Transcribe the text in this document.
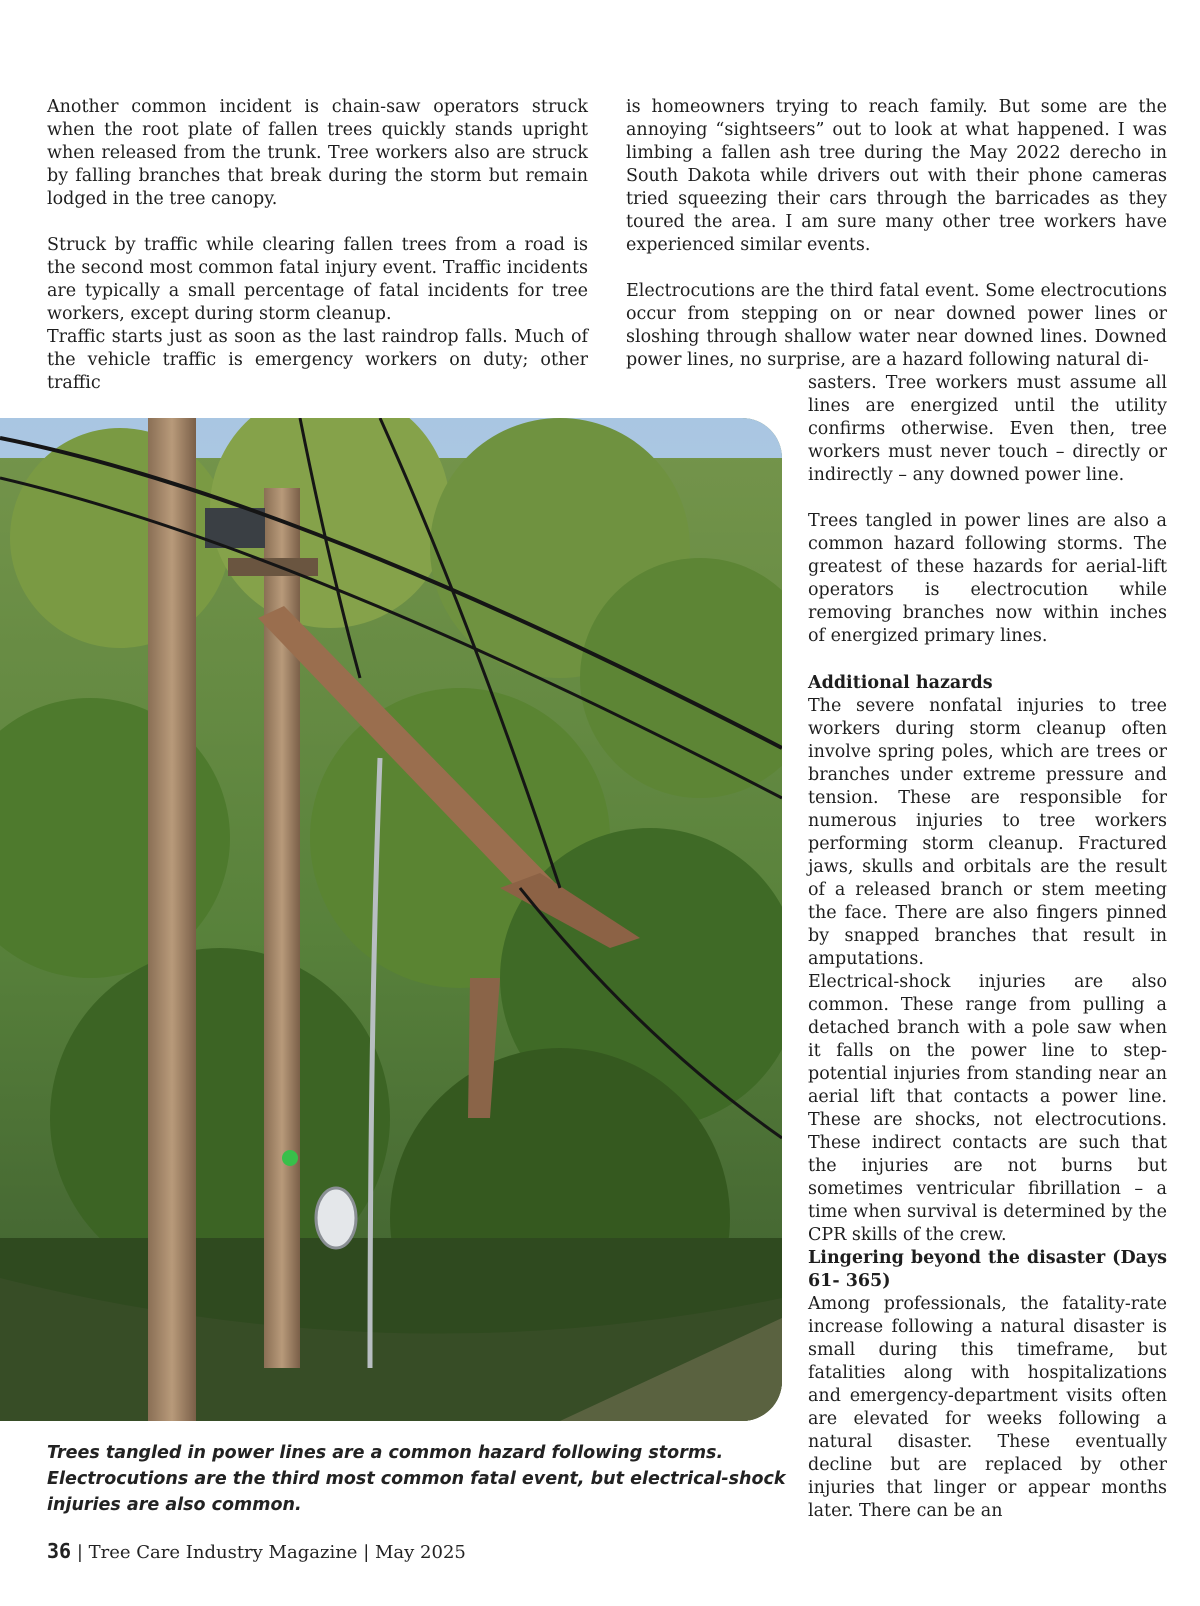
Another common incident is chain-saw operators struck when the root plate of fallen trees quickly stands upright when released from the trunk. Tree workers also are struck by falling branches that break during the storm but remain lodged in the tree canopy.

Struck by traffic while clearing fallen trees from a road is the second most common fatal injury event. Traffic incidents are typically a small percentage of fatal incidents for tree workers, except during storm cleanup.

Traffic starts just as soon as the last raindrop falls. Much of the vehicle traffic is emergency workers on duty; other traffic

is homeowners trying to reach family. But some are the annoying “sightseers” out to look at what happened. I was limbing a fallen ash tree during the May 2022 derecho in South Dakota while drivers out with their phone cameras tried squeezing their cars through the barricades as they toured the area. I am sure many other tree workers have experienced similar events.

Electrocutions are the third fatal event. Some electrocutions occur from stepping on or near downed power lines or sloshing through shallow water near downed lines. Downed power lines, no surprise, are a hazard following natural di-

sasters. Tree workers must assume all lines are energized until the utility confirms otherwise. Even then, tree workers must never touch – directly or indirectly – any downed power line.

Trees tangled in power lines are also a common hazard following storms. The greatest of these hazards for aerial-lift operators is electrocution while removing branches now within inches of energized primary lines.

Additional hazards

The severe nonfatal injuries to tree workers during storm cleanup often involve spring poles, which are trees or branches under extreme pressure and tension. These are responsible for numerous injuries to tree workers performing storm cleanup. Fractured jaws, skulls and orbitals are the result of a released branch or stem meeting the face. There are also fingers pinned by snapped branches that result in amputations.

Electrical-shock injuries are also common. These range from pulling a detached branch with a pole saw when it falls on the power line to step-potential injuries from standing near an aerial lift that contacts a power line. These are shocks, not electrocutions. These indirect contacts are such that the injuries are not burns but sometimes ventricular fibrillation – a time when survival is determined by the CPR skills of the crew.

Lingering beyond the disaster (Days 61- 365)

Among professionals, the fatality-rate increase following a natural disaster is small during this timeframe, but fatalities along with hospitalizations and emergency-department visits often are elevated for weeks following a natural disaster. These eventually decline but are replaced by other injuries that linger or appear months later. There can be an

Trees tangled in power lines are a common hazard following storms. Electrocutions are the third most common fatal event, but electrical-shock injuries are also common.

36 | Tree Care Industry Magazine | May 2025
